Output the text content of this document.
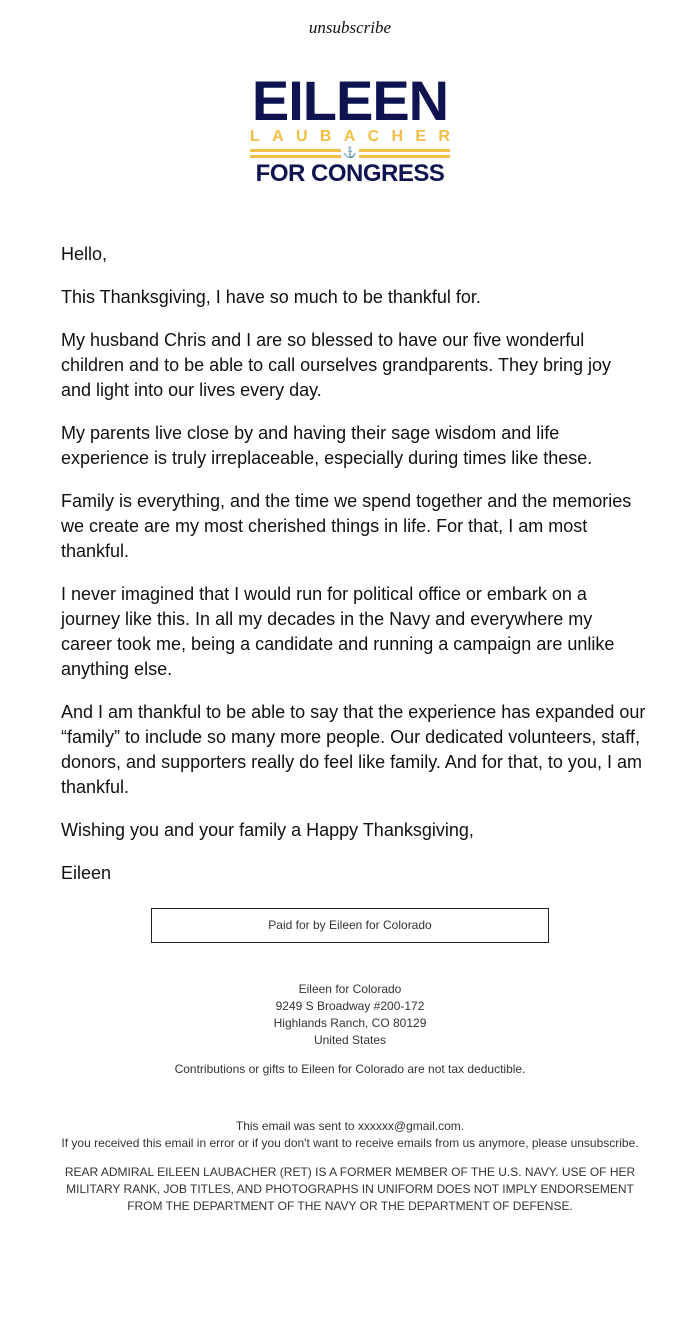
unsubscribe
EILEEN
L A U B A C H E R
⚓
FOR CONGRESS

Hello,

This Thanksgiving, I have so much to be thankful for.

My husband Chris and I are so blessed to have our five wonderful children and to be able to call ourselves grandparents. They bring joy and light into our lives every day.

My parents live close by and having their sage wisdom and life experience is truly irreplaceable, especially during times like these.

Family is everything, and the time we spend together and the memories we create are my most cherished things in life. For that, I am most thankful.

I never imagined that I would run for political office or embark on a journey like this. In all my decades in the Navy and everywhere my career took me, being a candidate and running a campaign are unlike anything else.

And I am thankful to be able to say that the experience has expanded our “family” to include so many more people. Our dedicated volunteers, staff, donors, and supporters really do feel like family. And for that, to you, I am thankful.

Wishing you and your family a Happy Thanksgiving,

Eileen

Paid for by Eileen for Colorado
Eileen for Colorado
9249 S Broadway #200-172
Highlands Ranch, CO 80129
United States
Contributions or gifts to Eileen for Colorado are not tax deductible.
This email was sent to xxxxxx@gmail.com.
If you received this email in error or if you don't want to receive emails from us anymore, please unsubscribe.
REAR ADMIRAL EILEEN LAUBACHER (RET) IS A FORMER MEMBER OF THE U.S. NAVY. USE OF HER MILITARY RANK, JOB TITLES, AND PHOTOGRAPHS IN UNIFORM DOES NOT IMPLY ENDORSEMENT FROM THE DEPARTMENT OF THE NAVY OR THE DEPARTMENT OF DEFENSE.
